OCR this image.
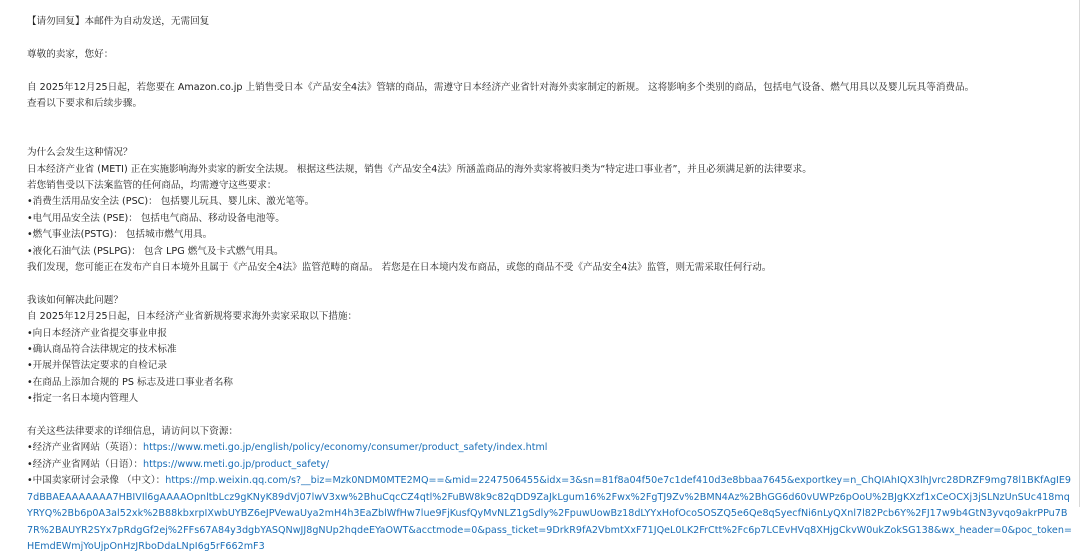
【请勿回复】本邮件为自动发送，无需回复
尊敬的卖家，您好：
自 2025年12月25日起，若您要在 Amazon.co.jp 上销售受日本《产品安全4法》管辖的商品，需遵守日本经济产业省针对海外卖家制定的新规。 这将影响多个类别的商品，包括电气设备、燃气用具以及婴儿玩具等消费品。
查看以下要求和后续步骤。
为什么会发生这种情况？
日本经济产业省 (METI) 正在实施影响海外卖家的新安全法规。 根据这些法规，销售《产品安全4法》所涵盖商品的海外卖家将被归类为“特定进口事业者”，并且必须满足新的法律要求。
若您销售受以下法案监管的任何商品，均需遵守这些要求：
•消费生活用品安全法 (PSC)： 包括婴儿玩具、婴儿床、激光笔等。
•电气用品安全法 (PSE)： 包括电气商品、移动设备电池等。
•燃气事业法(PSTG)： 包括城市燃气用具。
•液化石油气法 (PSLPG)： 包含 LPG 燃气及卡式燃气用具。
我们发现，您可能正在发布产自日本境外且属于《产品安全4法》监管范畴的商品。 若您是在日本境内发布商品，或您的商品不受《产品安全4法》监管，则无需采取任何行动。
我该如何解决此问题？
自 2025年12月25日起，日本经济产业省新规将要求海外卖家采取以下措施：
•向日本经济产业省提交事业申报
•确认商品符合法律规定的技术标准
•开展并保管法定要求的自检记录
•在商品上添加合规的 PS 标志及进口事业者名称
•指定一名日本境内管理人
有关这些法律要求的详细信息，请访问以下资源：
•经济产业省网站（英语）：https://www.meti.go.jp/english/policy/economy/consumer/product_safety/index.html
•经济产业省网站（日语）：https://www.meti.go.jp/product_safety/
•中国卖家研讨会录像 （中文）：https://mp.weixin.qq.com/s?__biz=Mzk0NDM0MTE2MQ==&mid=2247506455&idx=3&sn=81f8a04f50e7c1def410d3e8bbaa7645&exportkey=n_ChQIAhIQX3lhJvrc28DRZF9mg78l1BKfAgIE97dBBAEAAAAAAA7HBIVIl6gAAAAOpnltbLcz9gKNyK89dVj07lwV3xw%2BhuCqcCZ4qtl%2FuBW8k9c82qDD9ZaJkLgum16%2Fwx%2FgTJ9Zv%2BMN4Az%2BhGG6d60vUWPz6pOoU%2BJgKXzf1xCeOCXj3jSLNzUnSUc418mqYRYQ%2Bb6p0A3al52xk%2B88kbxrpIXwbUYBZ6eJPVewaUya2mH4h3EaZblWfHw7lue9FjKusfQyMvNLZ1gSdly%2FpuwUowBz18dLYYxHofOcoSOSZQ5e6Qe8qSyecfNi6nLyQXnl7l82Pcb6Y%2FJ17w9b4GtN3yvqo9akrPPu7B7R%2BAUYR2SYx7pRdgGf2ej%2FFs67A84y3dgbYASQNwJJ8gNUp2hqdeEYaOWT&acctmode=0&pass_ticket=9DrkR9fA2VbmtXxF71JQeL0LK2FrCtt%2Fc6p7LCEvHVq8XHjgCkvW0ukZokSG138&wx_header=0&poc_token=HEmdEWmjYoUjpOnHzJRboDdaLNpI6g5rF662mF3
